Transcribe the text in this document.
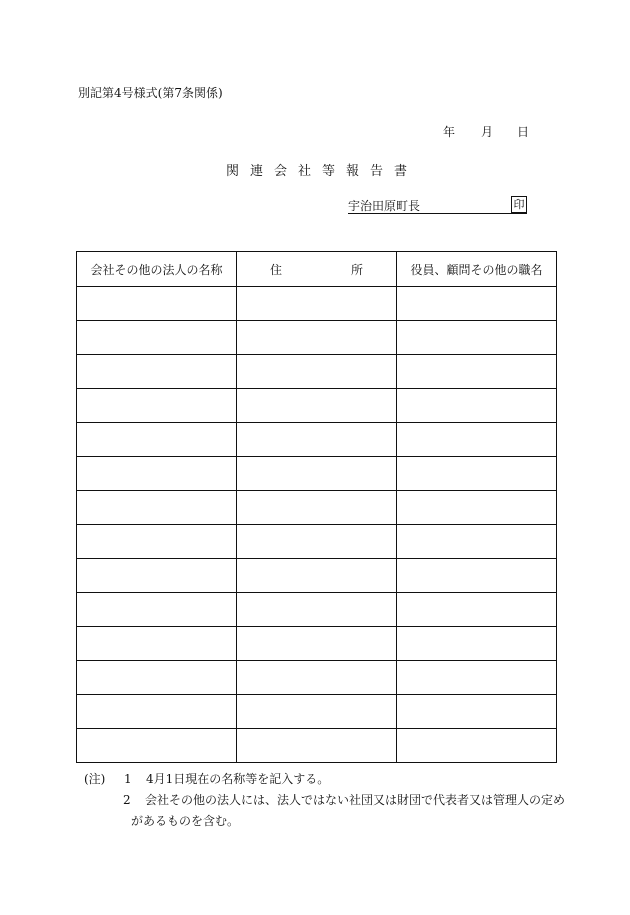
別記第4号様式(第7条関係)
年 月 日
関連会社等報告書
宇治田原町長	印
会社その他の法人の名称	住 所	役員、顧問その他の職名

(注) 1 4月1日現在の名称等を記入する。
2 会社その他の法人には、法人ではない社団又は財団で代表者又は管理人の定め
があるものを含む。
